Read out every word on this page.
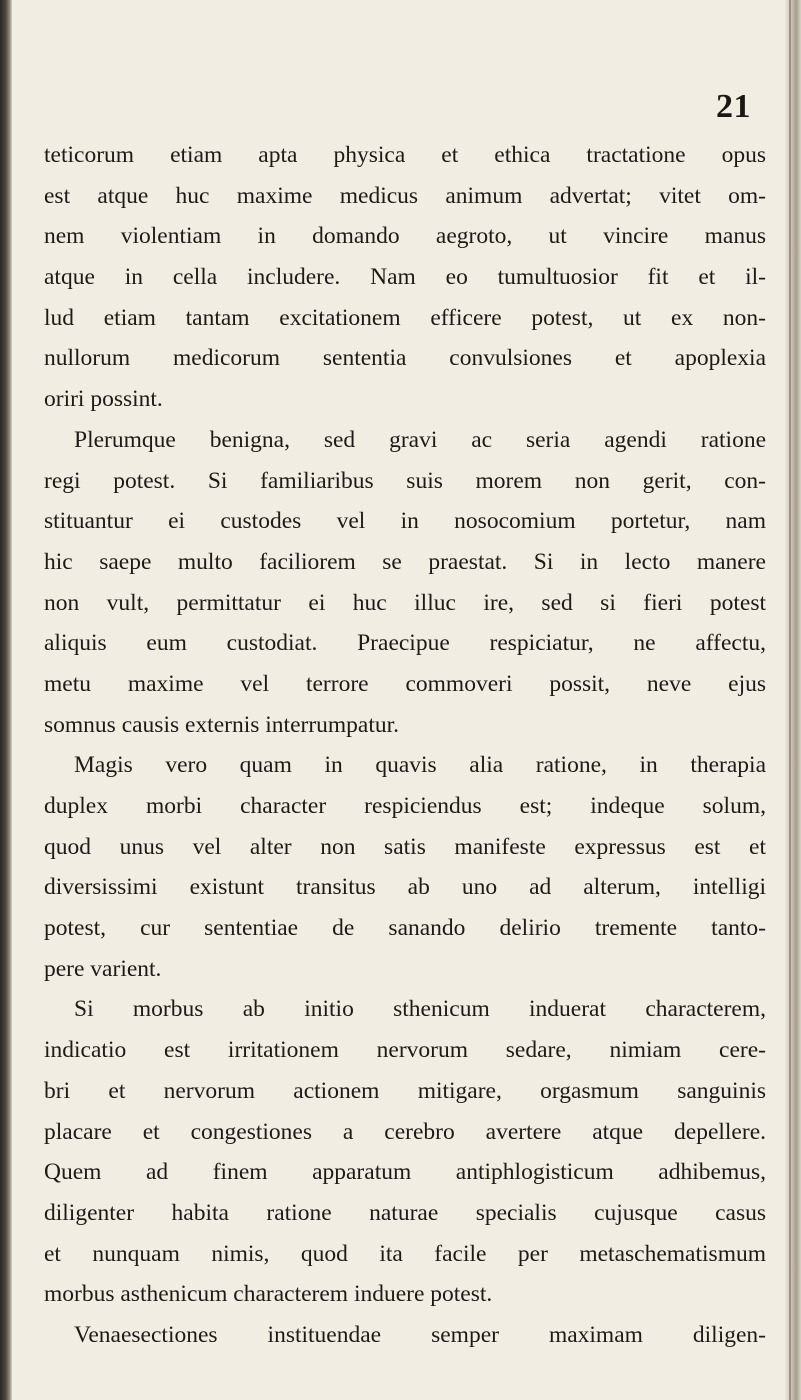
21
teticorum etiam apta physica et ethica tractatione opus
est atque huc maxime medicus animum advertat; vitet om-
nem violentiam in domando aegroto, ut vincire manus
atque in cella includere. Nam eo tumultuosior fit et il-
lud etiam tantam excitationem efficere potest, ut ex non-
nullorum medicorum sententia convulsiones et apoplexia
oriri possint.
Plerumque benigna, sed gravi ac seria agendi ratione
regi potest. Si familiaribus suis morem non gerit, con-
stituantur ei custodes vel in nosocomium portetur, nam
hic saepe multo faciliorem se praestat. Si in lecto manere
non vult, permittatur ei huc illuc ire, sed si fieri potest
aliquis eum custodiat. Praecipue respiciatur, ne affectu,
metu maxime vel terrore commoveri possit, neve ejus
somnus causis externis interrumpatur.
Magis vero quam in quavis alia ratione, in therapia
duplex morbi character respiciendus est; indeque solum,
quod unus vel alter non satis manifeste expressus est et
diversissimi existunt transitus ab uno ad alterum, intelligi
potest, cur sententiae de sanando delirio tremente tanto-
pere varient.
Si morbus ab initio sthenicum induerat characterem,
indicatio est irritationem nervorum sedare, nimiam cere-
bri et nervorum actionem mitigare, orgasmum sanguinis
placare et congestiones a cerebro avertere atque depellere.
Quem ad finem apparatum antiphlogisticum adhibemus,
diligenter habita ratione naturae specialis cujusque casus
et nunquam nimis, quod ita facile per metaschematismum
morbus asthenicum characterem induere potest.
Venaesectiones instituendae semper maximam diligen-
